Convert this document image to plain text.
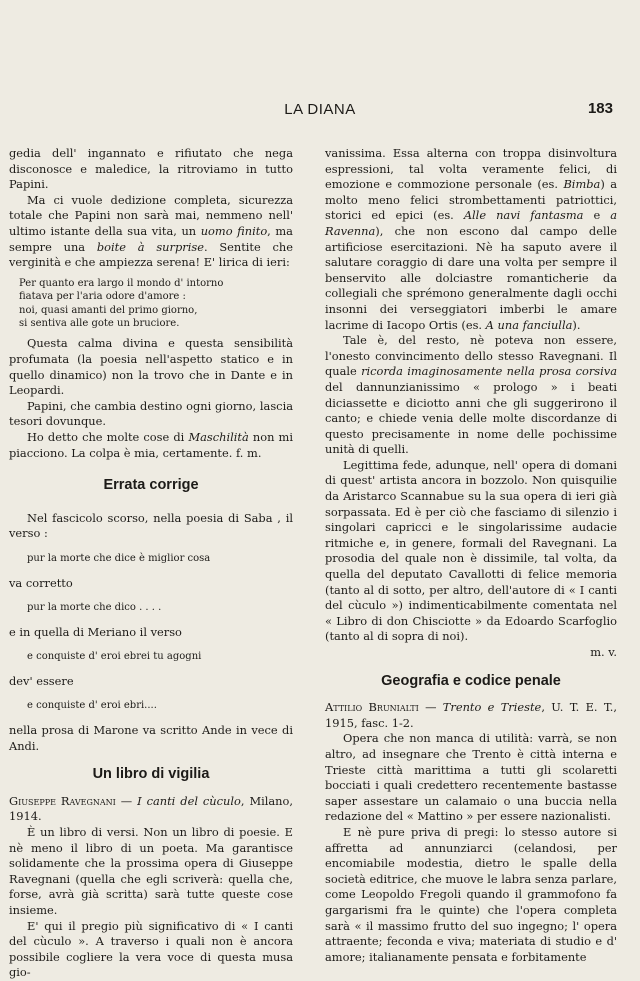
LA DIANA	183

gedia dell' ingannato e rifiutato che nega disconosce e maledice, la ritroviamo in tutto Papini.

Ma ci vuole dedizione completa, sicurezza totale che Papini non sarà mai, nemmeno nell' ultimo istante della sua vita, un uomo finito, ma sempre una boite à surprise. Sentite che verginità e che ampiezza serena! E' lirica di ieri:

Per quanto era largo il mondo d' intorno
fiatava per l'aria odore d'amore :
noi, quasi amanti del primo giorno,
si sentiva alle gote un bruciore.

Questa calma divina e questa sensibilità profumata (la poesia nell'aspetto statico e in quello dinamico) non la trovo che in Dante e in Leopardi.

Papini, che cambia destino ogni giorno, lascia tesori dovunque.

Ho detto che molte cose di Maschilità non mi piacciono. La colpa è mia, certamente. f. m.

Errata corrige

Nel fascicolo scorso, nella poesia di Saba , il verso :

pur la morte che dice è miglior cosa

va corretto

pur la morte che dico . . . .

e in quella di Meriano il verso

e conquiste d' eroi ebrei tu agogni

dev' essere

e conquiste d' eroi ebri....

nella prosa di Marone va scritto Ande in vece di Andi.

Un libro di vigilia

Giuseppe Ravegnani — I canti del cùculo, Milano, 1914.

È un libro di versi. Non un libro di poesie. E nè meno il libro di un poeta. Ma garantisce solidamente che la prossima opera di Giuseppe Ravegnani (quella che egli scriverà: quella che, forse, avrà già scritta) sarà tutte queste cose insieme.

E' qui il pregio più significativo di « I canti del cùculo ». A traverso i quali non è ancora possibile cogliere la vera voce di questa musa gio-

vanissima. Essa alterna con troppa disinvoltura espressioni, tal volta veramente felici, di emozione e commozione personale (es. Bimba) a molto meno felici strombettamenti patriottici, storici ed epici (es. Alle navi fantasma e a Ravenna), che non escono dal campo delle artificiose esercitazioni. Nè ha saputo avere il salutare coraggio di dare una volta per sempre il benservito alle dolciastre romanticherie da collegiali che sprémono generalmente dagli occhi insonni dei verseggiatori imberbi le amare lacrime di Iacopo Ortis (es. A una fanciulla).

Tale è, del resto, nè poteva non essere, l'onesto convincimento dello stesso Ravegnani. Il quale ricorda imaginosamente nella prosa corsiva del dannunzianissimo « prologo » i beati diciassette e diciotto anni che gli suggerirono il canto; e chiede venia delle molte discordanze di questo precisamente in nome delle pochissime unità di quelli.

Legittima fede, adunque, nell' opera di domani di quest' artista ancora in bozzolo. Non quisquilie da Aristarco Scannabue su la sua opera di ieri già sorpassata. Ed è per ciò che fasciamo di silenzio i singolari capricci e le singolarissime audacie ritmiche e, in genere, formali del Ravegnani. La prosodia del quale non è dissimile, tal volta, da quella del deputato Cavallotti di felice memoria (tanto al di sotto, per altro, dell'autore di « I canti del cùculo ») indimenticabilmente comentata nel « Libro di don Chisciotte » da Edoardo Scarfoglio (tanto al di sopra di noi).

m. v.

Geografia e codice penale

Attilio Brunialti — Trento e Trieste, U. T. E. T., 1915, fasc. 1-2.

Opera che non manca di utilità: varrà, se non altro, ad insegnare che Trento è città interna e Trieste città marittima a tutti gli scolaretti bocciati i quali credettero recentemente bastasse saper assestare un calamaio o una buccia nella redazione del « Mattino » per essere nazionalisti.

E nè pure priva di pregi: lo stesso autore si affretta ad annunziarci (celandosi, per encomiabile modestia, dietro le spalle della società editrice, che muove le labra senza parlare, come Leopoldo Fregoli quando il grammofono fa gargarismi fra le quinte) che l'opera completa sarà « il massimo frutto del suo ingegno; l' opera attraente; feconda e viva; materiata di studio e d' amore; italianamente pensata e forbitamente
